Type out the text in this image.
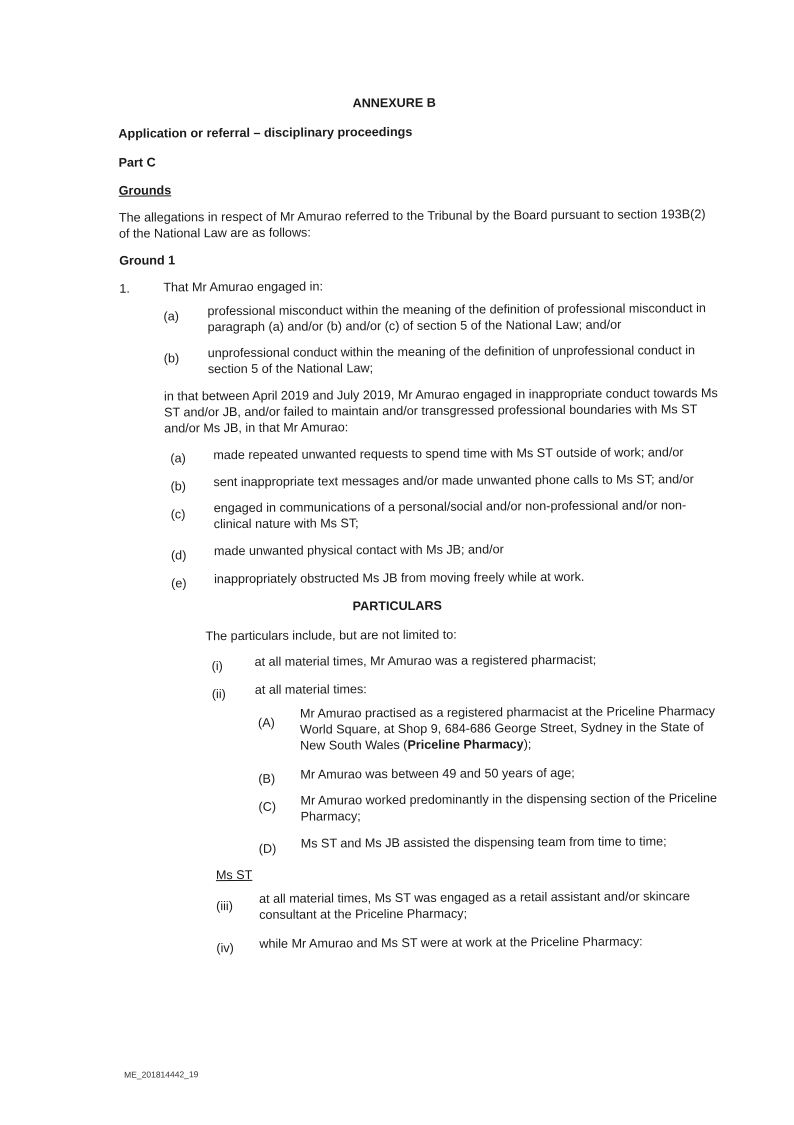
ANNEXURE B
Application or referral – disciplinary proceedings
Part C
Grounds
The allegations in respect of Mr Amurao referred to the Tribunal by the Board pursuant to section 193B(2) of the National Law are as follows:
Ground 1
1.	That Mr Amurao engaged in:
(a) professional misconduct within the meaning of the definition of professional misconduct in paragraph (a) and/or (b) and/or (c) of section 5 of the National Law; and/or
(b) unprofessional conduct within the meaning of the definition of unprofessional conduct in section 5 of the National Law;
in that between April 2019 and July 2019, Mr Amurao engaged in inappropriate conduct towards Ms ST and/or JB, and/or failed to maintain and/or transgressed professional boundaries with Ms ST and/or Ms JB, in that Mr Amurao:
(a) made repeated unwanted requests to spend time with Ms ST outside of work; and/or
(b) sent inappropriate text messages and/or made unwanted phone calls to Ms ST; and/or
(c) engaged in communications of a personal/social and/or non-professional and/or non-clinical nature with Ms ST;
(d) made unwanted physical contact with Ms JB; and/or
(e) inappropriately obstructed Ms JB from moving freely while at work.
PARTICULARS
The particulars include, but are not limited to:
(i)	at all material times, Mr Amurao was a registered pharmacist;
(ii) at all material times:
(A)
Mr Amurao practised as a registered pharmacist at the Priceline Pharmacy World Square, at Shop 9, 684-686 George Street, Sydney in the State of New South Wales (Priceline Pharmacy);
(B) Mr Amurao was between 49 and 50 years of age;
(C) Mr Amurao worked predominantly in the dispensing section of the Priceline Pharmacy;
(D) Ms ST and Ms JB assisted the dispensing team from time to time;
Ms ST
(iii)
at all material times, Ms ST was engaged as a retail assistant and/or skincare consultant at the Priceline Pharmacy;
(iv) while Mr Amurao and Ms ST were at work at the Priceline Pharmacy:
ME_201814442_19
